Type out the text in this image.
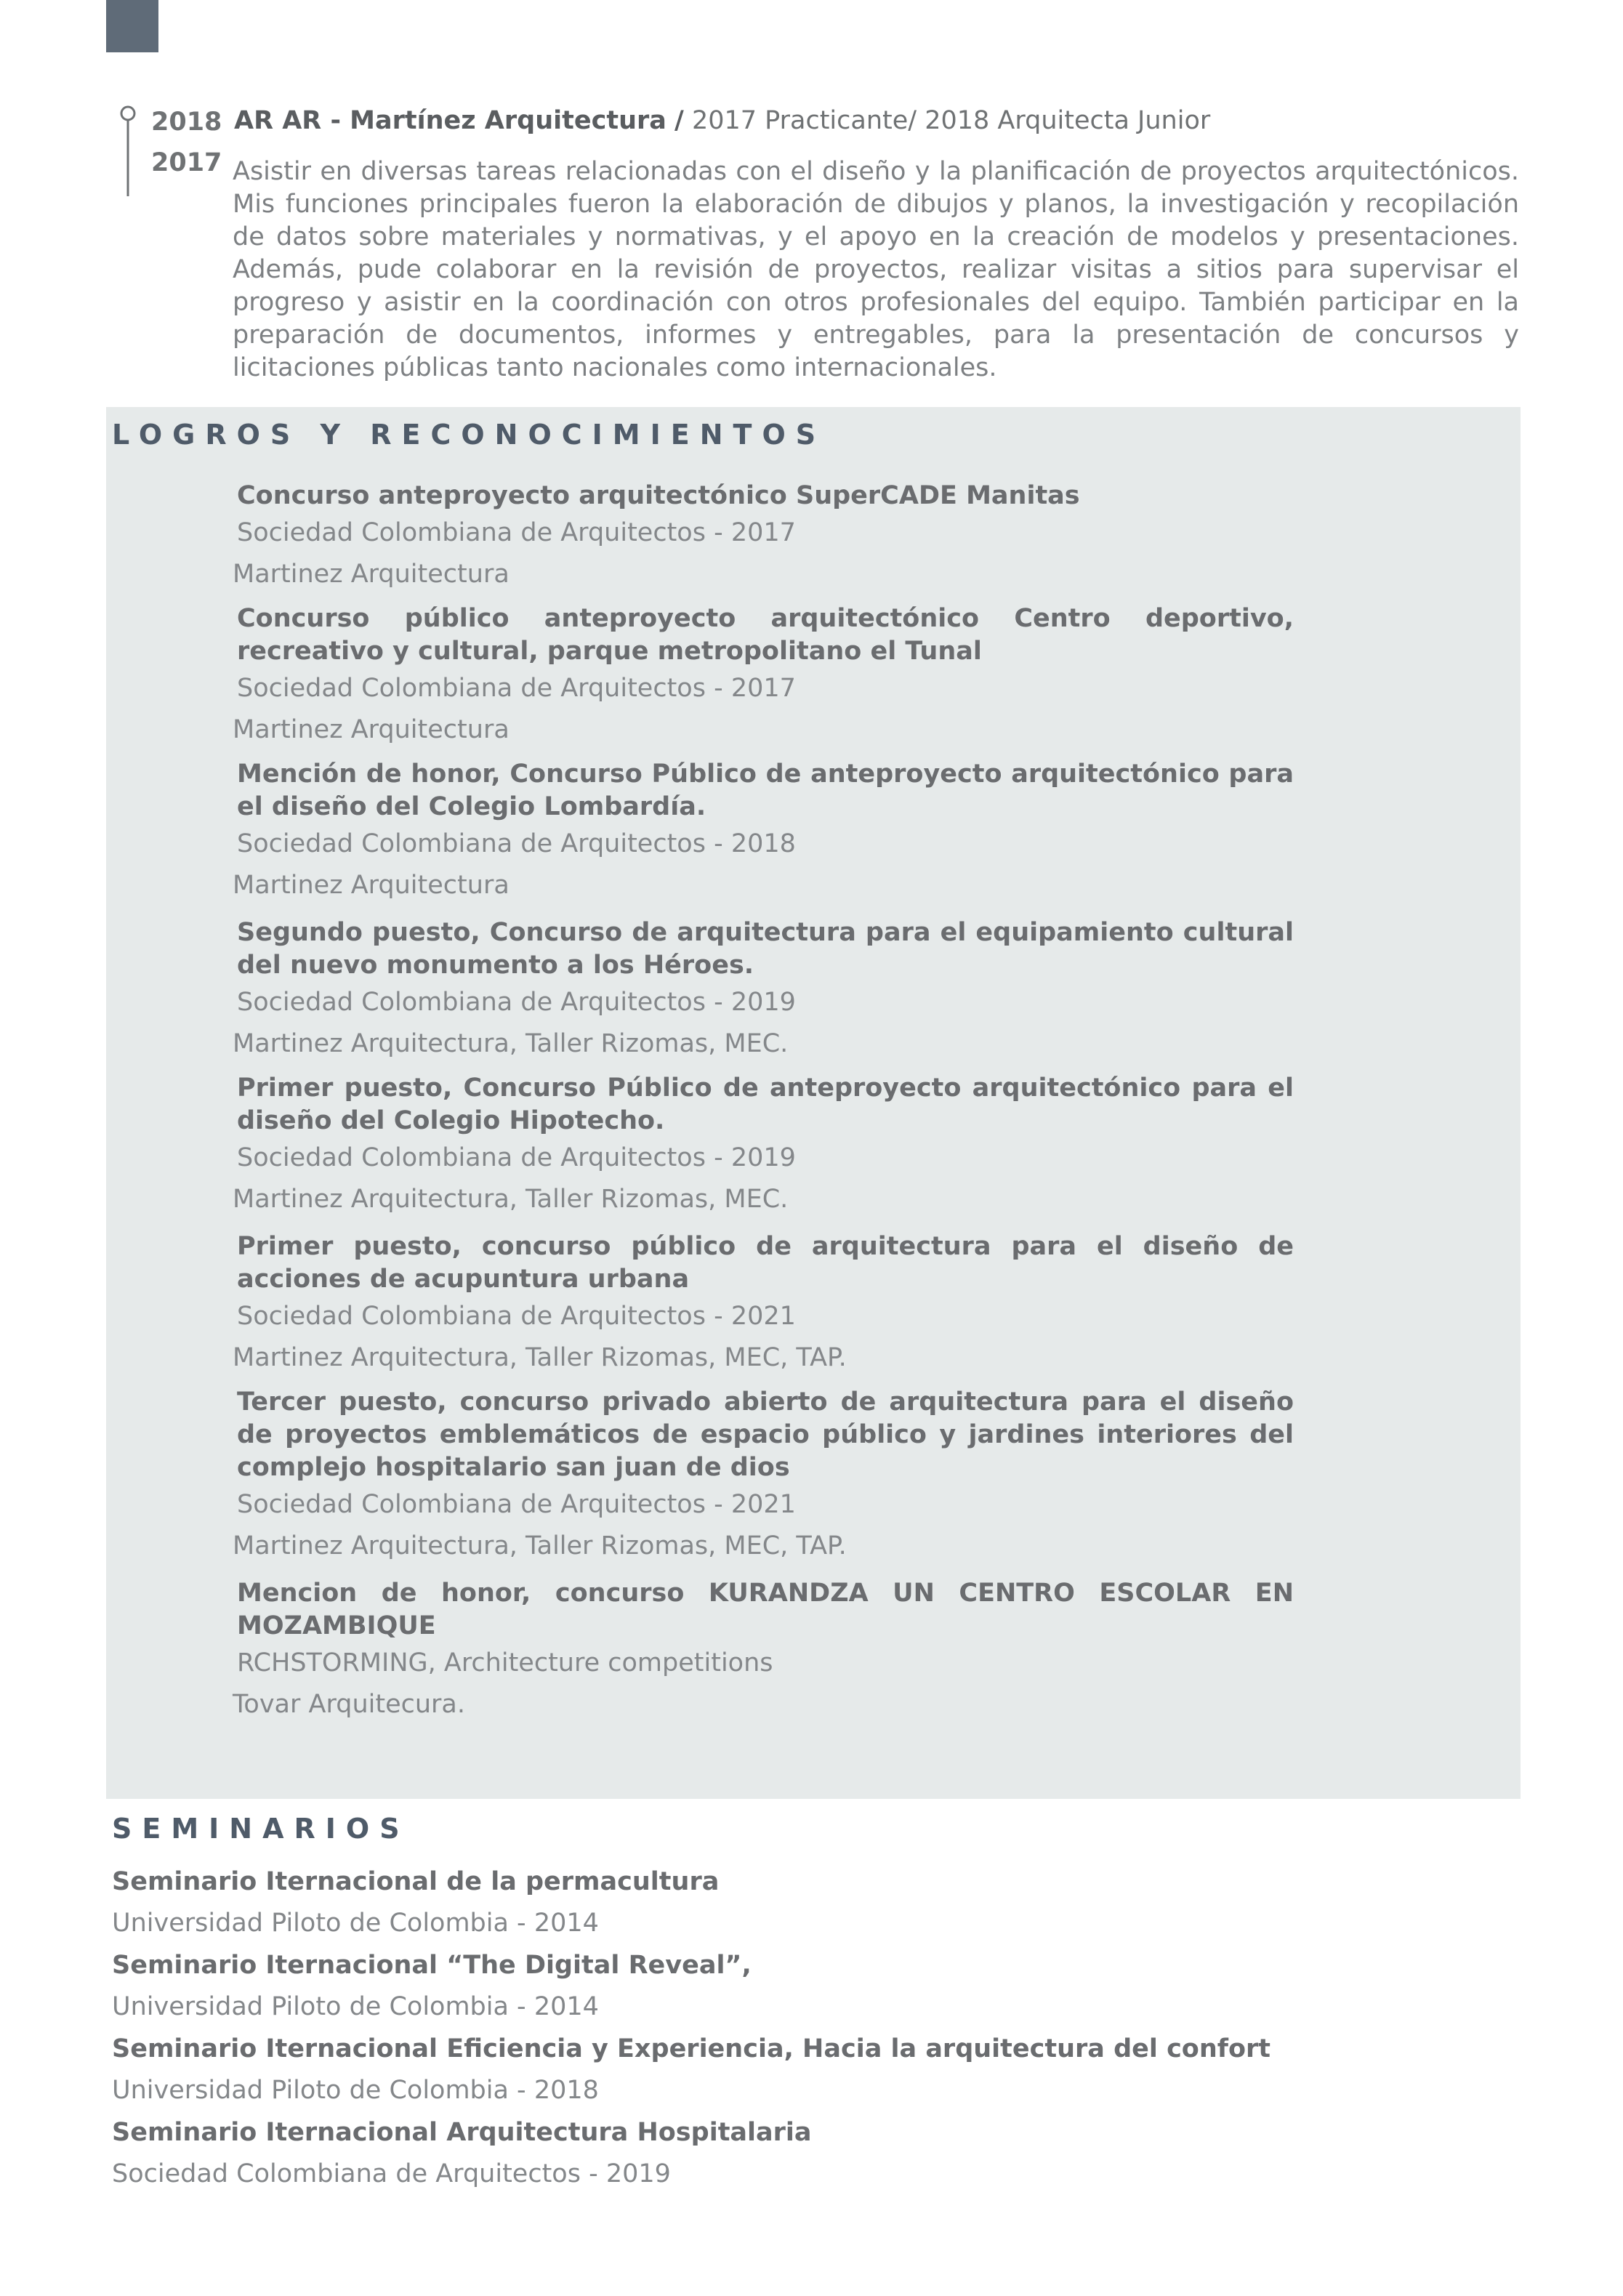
2018
2017
AR AR - Martínez Arquitectura / 2017 Practicante/ 2018 Arquitecta Junior
Asistir en diversas tareas relacionadas con el diseño y la planificación de proyectos arquitectónicos. Mis funciones principales fueron la elaboración de dibujos y planos, la investigación y recopilación de datos sobre materiales y normativas, y el apoyo en la creación de modelos y presentaciones. Además, pude colaborar en la revisión de proyectos, realizar visitas a sitios para supervisar el progreso y asistir en la coordinación con otros profesionales del equipo. También participar en la preparación de documentos, informes y entregables, para la presentación de concursos y licitaciones públicas tanto nacionales como internacionales.
LOGROS Y RECONOCIMIENTOS
Concurso anteproyecto arquitectónico SuperCADE Manitas
Sociedad Colombiana de Arquitectos - 2017
Martinez Arquitectura
Concurso público anteproyecto arquitectónico Centro deportivo, recreativo y cultural, parque metropolitano el Tunal
Sociedad Colombiana de Arquitectos - 2017
Martinez Arquitectura
Mención de honor, Concurso Público de anteproyecto arquitectónico para el diseño del Colegio Lombardía.
Sociedad Colombiana de Arquitectos - 2018
Martinez Arquitectura
Segundo puesto, Concurso de arquitectura para el equipamiento cultural del nuevo monumento a los Héroes.
Sociedad Colombiana de Arquitectos - 2019
Martinez Arquitectura, Taller Rizomas, MEC.
Primer puesto, Concurso Público de anteproyecto arquitectónico para el diseño del Colegio Hipotecho.
Sociedad Colombiana de Arquitectos - 2019
Martinez Arquitectura, Taller Rizomas, MEC.
Primer puesto, concurso público de arquitectura para el diseño de acciones de acupuntura urbana
Sociedad Colombiana de Arquitectos - 2021
Martinez Arquitectura, Taller Rizomas, MEC, TAP.
Tercer puesto, concurso privado abierto de arquitectura para el diseño de proyectos emblemáticos de espacio público y jardines interiores del complejo hospitalario san juan de dios
Sociedad Colombiana de Arquitectos - 2021
Martinez Arquitectura, Taller Rizomas, MEC, TAP.
Mencion de honor, concurso KURANDZA UN CENTRO ESCOLAR EN MOZAMBIQUE
RCHSTORMING, Architecture competitions
Tovar Arquitecura.
SEMINARIOS
Seminario Iternacional de la permacultura
Universidad Piloto de Colombia - 2014
Seminario Iternacional “The Digital Reveal”,
Universidad Piloto de Colombia - 2014
Seminario Iternacional Eficiencia y Experiencia, Hacia la arquitectura del confort
Universidad Piloto de Colombia - 2018
Seminario Iternacional Arquitectura Hospitalaria
Sociedad Colombiana de Arquitectos - 2019
